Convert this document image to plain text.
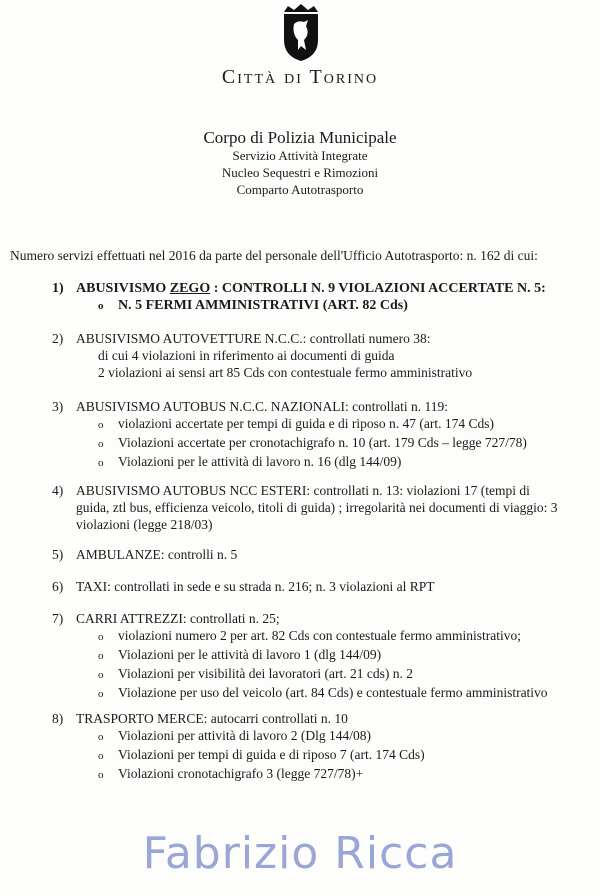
Città di Torino
Corpo di Polizia Municipale
Servizio Attività Integrate
Nucleo Sequestri e Rimozioni
Comparto Autotrasporto
Numero servizi effettuati nel 2016 da parte del personale dell'Ufficio Autotrasporto: n. 162 di cui:
1) ABUSIVISMO ZEGO : CONTROLLI N. 9 VIOLAZIONI ACCERTATE N. 5:
o N. 5 FERMI AMMINISTRATIVI (ART. 82 Cds)
2) ABUSIVISMO AUTOVETTURE N.C.C.: controllati numero 38:
di cui 4 violazioni in riferimento ai documenti di guida
2 violazioni ai sensi art 85 Cds con contestuale fermo amministrativo
3) ABUSIVISMO AUTOBUS N.C.C. NAZIONALI: controllati n. 119:
o violazioni accertate per tempi di guida e di riposo n. 47 (art. 174 Cds)
o Violazioni accertate per cronotachigrafo n. 10 (art. 179 Cds – legge 727/78)
o Violazioni per le attività di lavoro n. 16 (dlg 144/09)
4) ABUSIVISMO AUTOBUS NCC ESTERI: controllati n. 13: violazioni 17 (tempi di
guida, ztl bus, efficienza veicolo, titoli di guida) ; irregolarità nei documenti di viaggio: 3
violazioni (legge 218/03)
5) AMBULANZE: controlli n. 5
6) TAXI: controllati in sede e su strada n. 216; n. 3 violazioni al RPT
7) CARRI ATTREZZI: controllati n. 25;
o violazioni numero 2 per art. 82 Cds con contestuale fermo amministrativo;
o Violazioni per le attività di lavoro 1 (dlg 144/09)
o Violazioni per visibilità dei lavoratori (art. 21 cds) n. 2
o Violazione per uso del veicolo (art. 84 Cds) e contestuale fermo amministrativo
8) TRASPORTO MERCE: autocarri controllati n. 10
o Violazioni per attività di lavoro 2 (Dlg 144/08)
o Violazioni per tempi di guida e di riposo 7 (art. 174 Cds)
o Violazioni cronotachigrafo 3 (legge 727/78)+
Fabrizio Ricca
